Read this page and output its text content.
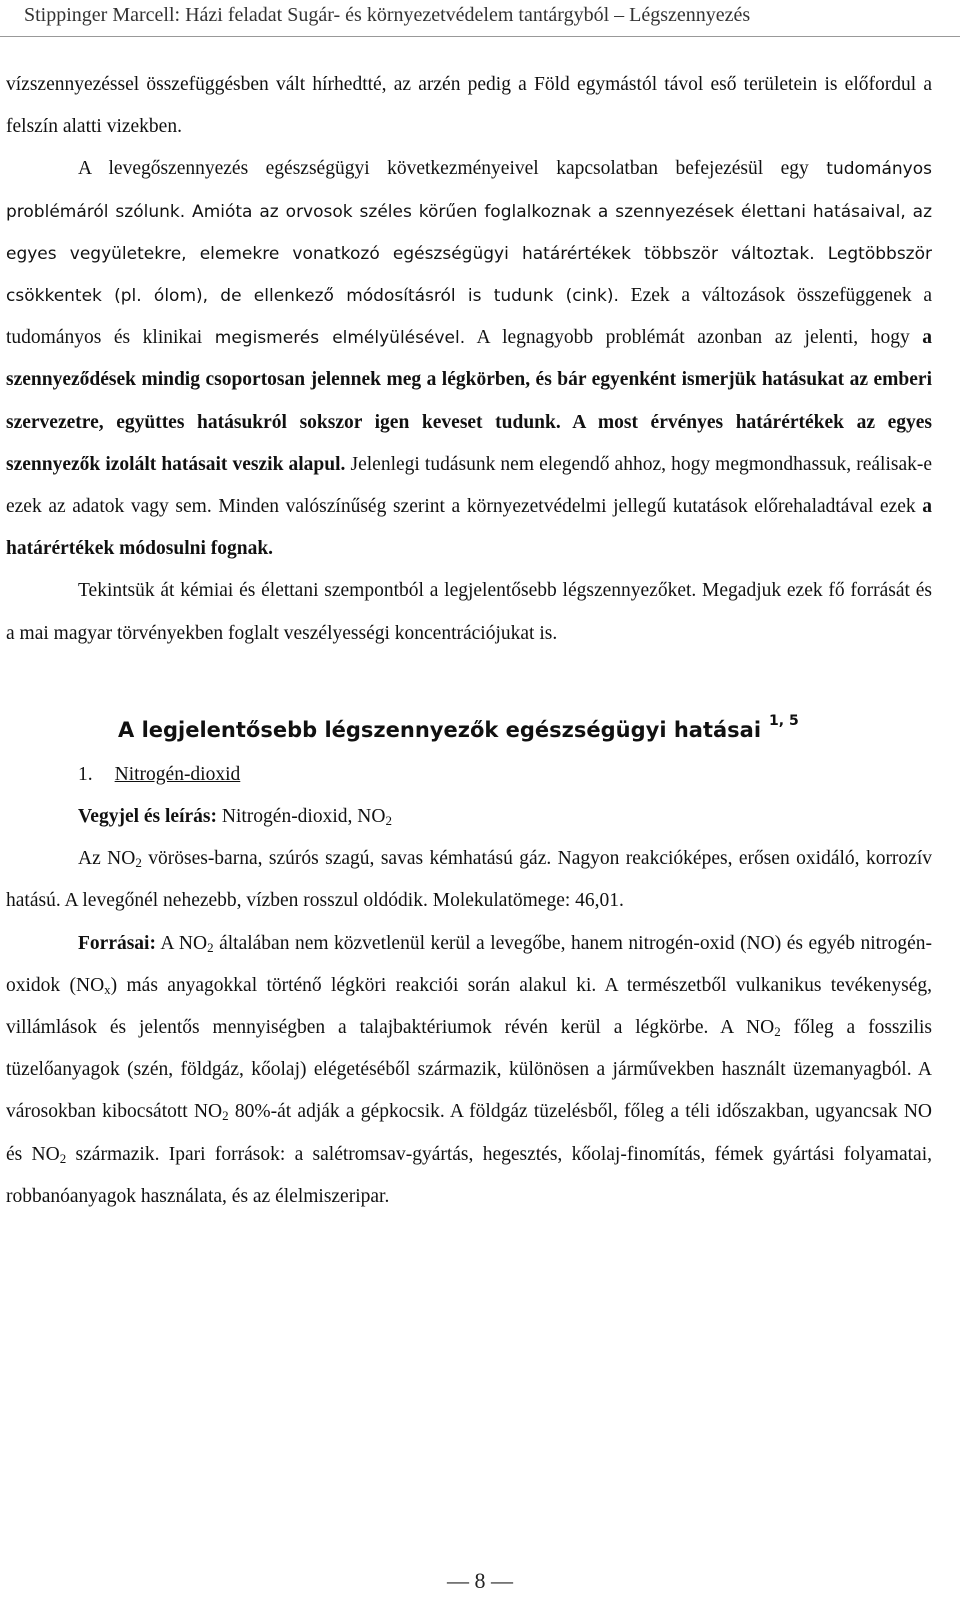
Stippinger Marcell: Házi feladat Sugár- és környezetvédelem tantárgyból – Légszennyezés

vízszennyezéssel összefüggésben vált hírhedtté, az arzén pedig a Föld egymástól távol eső területein is előfordul a felszín alatti vizekben.

A levegőszennyezés egészségügyi következményeivel kapcsolatban befejezésül egy tudományos problémáról szólunk. Amióta az orvosok széles körűen foglalkoznak a szennyezések élettani hatásaival, az egyes vegyületekre, elemekre vonatkozó egészségügyi határértékek többször változtak. Legtöbbször csökkentek (pl. ólom), de ellenkező módosításról is tudunk (cink). Ezek a változások összefüggenek a tudományos és klinikai megismerés elmélyülésével. A legnagyobb problémát azonban az jelenti, hogy a szennyeződések mindig csoportosan jelennek meg a légkörben, és bár egyenként ismerjük hatásukat az emberi szervezetre, együttes hatásukról sokszor igen keveset tudunk. A most érvényes határértékek az egyes szennyezők izolált hatásait veszik alapul. Jelenlegi tudásunk nem elegendő ahhoz, hogy megmondhassuk, reálisak-e ezek az adatok vagy sem. Minden valószínűség szerint a környezetvédelmi jellegű kutatások előrehaladtával ezek a határértékek módosulni fognak.

Tekintsük át kémiai és élettani szempontból a legjelentősebb légszennyezőket. Megadjuk ezek fő forrását és a mai magyar törvényekben foglalt veszélyességi koncentrációjukat is.

A legjelentősebb légszennyezők egészségügyi hatásai $^{1, 5}$

1. Nitrogén-dioxid

Vegyjel és leírás: Nitrogén-dioxid, $NO_2$

Az $NO_2$ vöröses-barna, szúrós szagú, savas kémhatású gáz. Nagyon reakcióképes, erősen oxidáló, korrozív hatású. A levegőnél nehezebb, vízben rosszul oldódik. Molekulatömege: 46,01.

Forrásai: A $NO_2$ általában nem közvetlenül kerül a levegőbe, hanem nitrogén-oxid (NO) és egyéb nitrogén-oxidok $(NO_x)$ más anyagokkal történő légköri reakciói során alakul ki. A természetből vulkanikus tevékenység, villámlások és jelentős mennyiségben a talajbaktériumok révén kerül a légkörbe. A $NO_2$ főleg a fosszilis tüzelőanyagok (szén, földgáz, kőolaj) elégetéséből származik, különösen a járművekben használt üzemanyagból. A városokban kibocsátott $NO_2$ 80%-át adják a gépkocsik. A földgáz tüzelésből, főleg a téli időszakban, ugyancsak NO és $NO_2$ származik. Ipari források: a salétromsav-gyártás, hegesztés, kőolaj-finomítás, fémek gyártási folyamatai, robbanóanyagok használata, és az élelmiszeripar.

— 8 —
